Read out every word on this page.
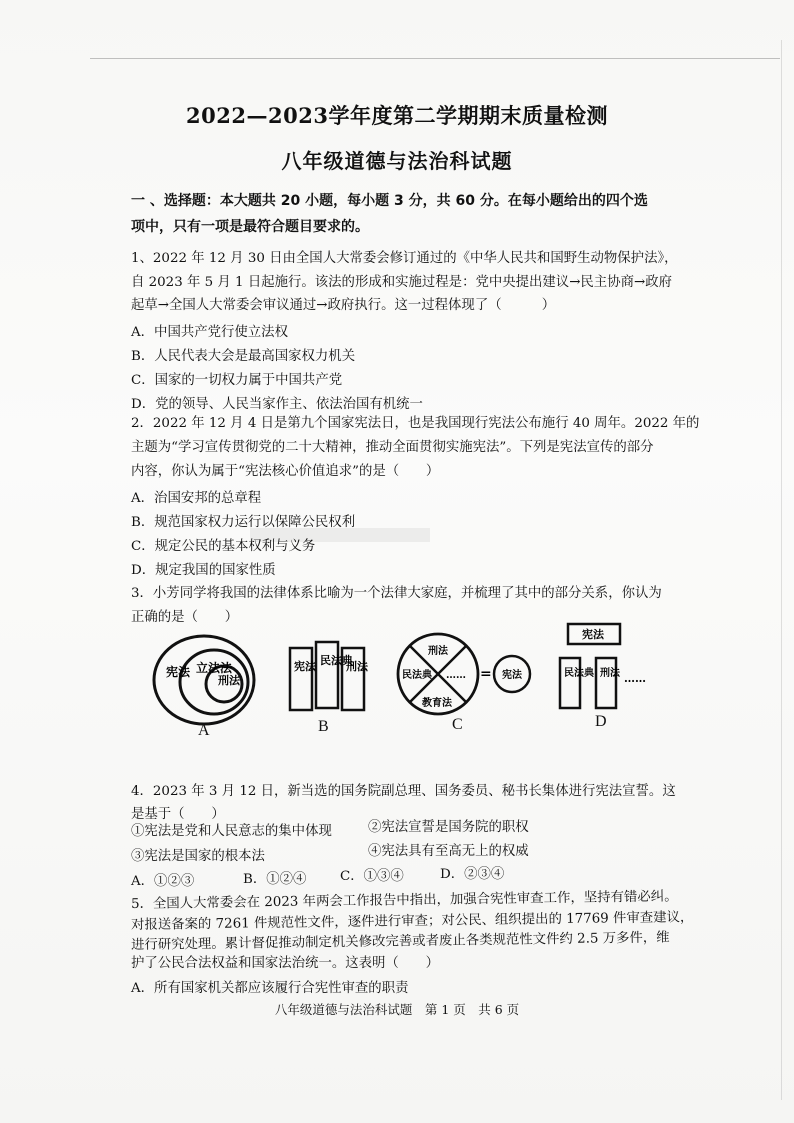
2022—2023学年度第二学期期末质量检测
八年级道德与法治科试题
一 、选择题：本大题共 20 小题，每小题 3 分，共 60 分。在每小题给出的四个选
项中，只有一项是最符合题目要求的。
1、2022 年 12 月 30 日由全国人大常委会修订通过的《中华人民共和国野生动物保护法》，
自 2023 年 5 月 1 日起施行。该法的形成和实施过程是：党中央提出建议→民主协商→政府
起草→全国人大常委会审议通过→政府执行。这一过程体现了（　　　）
A．中国共产党行使立法权
B．人民代表大会是最高国家权力机关
C．国家的一切权力属于中国共产党
D．党的领导、人民当家作主、依法治国有机统一
2．2022 年 12 月 4 日是第九个国家宪法日，也是我国现行宪法公布施行 40 周年。2022 年的
主题为“学习宣传贯彻党的二十大精神，推动全面贯彻实施宪法”。下列是宪法宣传的部分
内容，你认为属于“宪法核心价值追求”的是（　　）
A．治国安邦的总章程
B．规范国家权力运行以保障公民权利
C．规定公民的基本权利与义务
D．规定我国的国家性质
3．小芳同学将我国的法律体系比喻为一个法律大家庭，并梳理了其中的部分关系，你认为
正确的是（　　）
宪法 立法法
刑法
宪法 民法典
刑法
刑法
民法典 ……
教育法
= 宪法
宪法
民法典 刑法 ……
A	B	C	D
4．2023 年 3 月 12 日，新当选的国务院副总理、国务委员、秘书长集体进行宪法宣誓。这
是基于（　　）
①宪法是党和人民意志的集中体现	②宪法宣誓是国务院的职权
③宪法是国家的根本法	④宪法具有至高无上的权威
A．①②③	B．①②④	C．①③④	D．②③④
5．全国人大常委会在 2023 年两会工作报告中指出，加强合宪性审查工作，坚持有错必纠。
对报送备案的 7261 件规范性文件，逐件进行审查；对公民、组织提出的 17769 件审查建议，
进行研究处理。累计督促推动制定机关修改完善或者废止各类规范性文件约 2.5 万多件，维
护了公民合法权益和国家法治统一。这表明（　　）
A．所有国家机关都应该履行合宪性审查的职责
八年级道德与法治科试题　第 1 页　共 6 页
